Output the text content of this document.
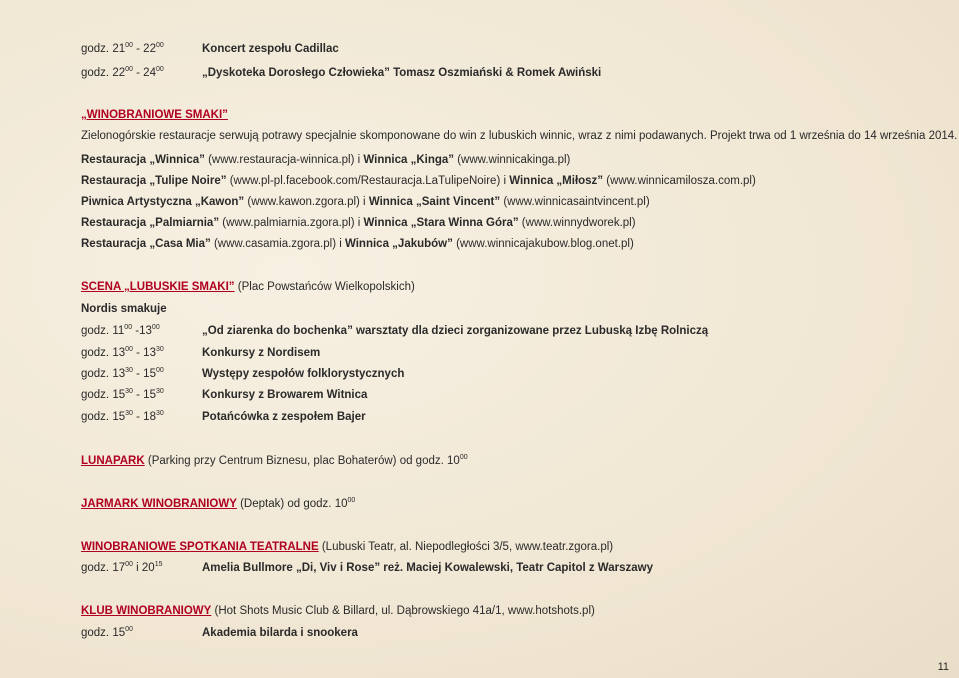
godz. $21^{00} - 22^{00}$	Koncert zespołu Cadillac
godz. $22^{00} - 24^{00}$	„Dyskoteka Dorosłego Człowieka” Tomasz Oszmiański & Romek Awiński
„WINOBRANIOWE SMAKI”
Zielonogórskie restauracje serwują potrawy specjalnie skomponowane do win z lubuskich winnic, wraz z nimi podawanych. Projekt trwa od 1 września do 14 września 2014.
Restauracja „Winnica” (www.restauracja-winnica.pl) i Winnica „Kinga” (www.winnicakinga.pl)
Restauracja „Tulipe Noire” (www.pl-pl.facebook.com/Restauracja.LaTulipeNoire) i Winnica „Miłosz” (www.winnicamilosza.com.pl)
Piwnica Artystyczna „Kawon” (www.kawon.zgora.pl) i Winnica „Saint Vincent” (www.winnicasaintvincent.pl)
Restauracja „Palmiarnia” (www.palmiarnia.zgora.pl) i Winnica „Stara Winna Góra” (www.winnydworek.pl)
Restauracja „Casa Mia” (www.casamia.zgora.pl) i Winnica „Jakubów” (www.winnicajakubow.blog.onet.pl)
SCENA „LUBUSKIE SMAKI” (Plac Powstańców Wielkopolskich)
Nordis smakuje
godz. $11^{00}$ $-13^{00}$	„Od ziarenka do bochenka” warsztaty dla dzieci zorganizowane przez Lubuską Izbę Rolniczą
godz. $13^{00} - 13^{30}$	Konkursy z Nordisem
godz. $13^{30} - 15^{00}$	Występy zespołów folklorystycznych
godz. $15^{30} - 15^{30}$	Konkursy z Browarem Witnica
godz. $15^{30} - 18^{30}$	Potańcówka z zespołem Bajer
LUNAPARK (Parking przy Centrum Biznesu, plac Bohaterów) od godz. $10^{00}$
JARMARK WINOBRANIOWY (Deptak) od godz. $10^{00}$
WINOBRANIOWE SPOTKANIA TEATRALNE (Lubuski Teatr, al. Niepodległości 3/5, www.teatr.zgora.pl)
godz. $17^{00}$ i $20^{15}$	Amelia Bullmore „Di, Viv i Rose” reż. Maciej Kowalewski, Teatr Capitol z Warszawy
KLUB WINOBRANIOWY (Hot Shots Music Club & Billard, ul. Dąbrowskiego 41a/1, www.hotshots.pl)
godz. $15^{00}$	Akademia bilarda i snookera
11
